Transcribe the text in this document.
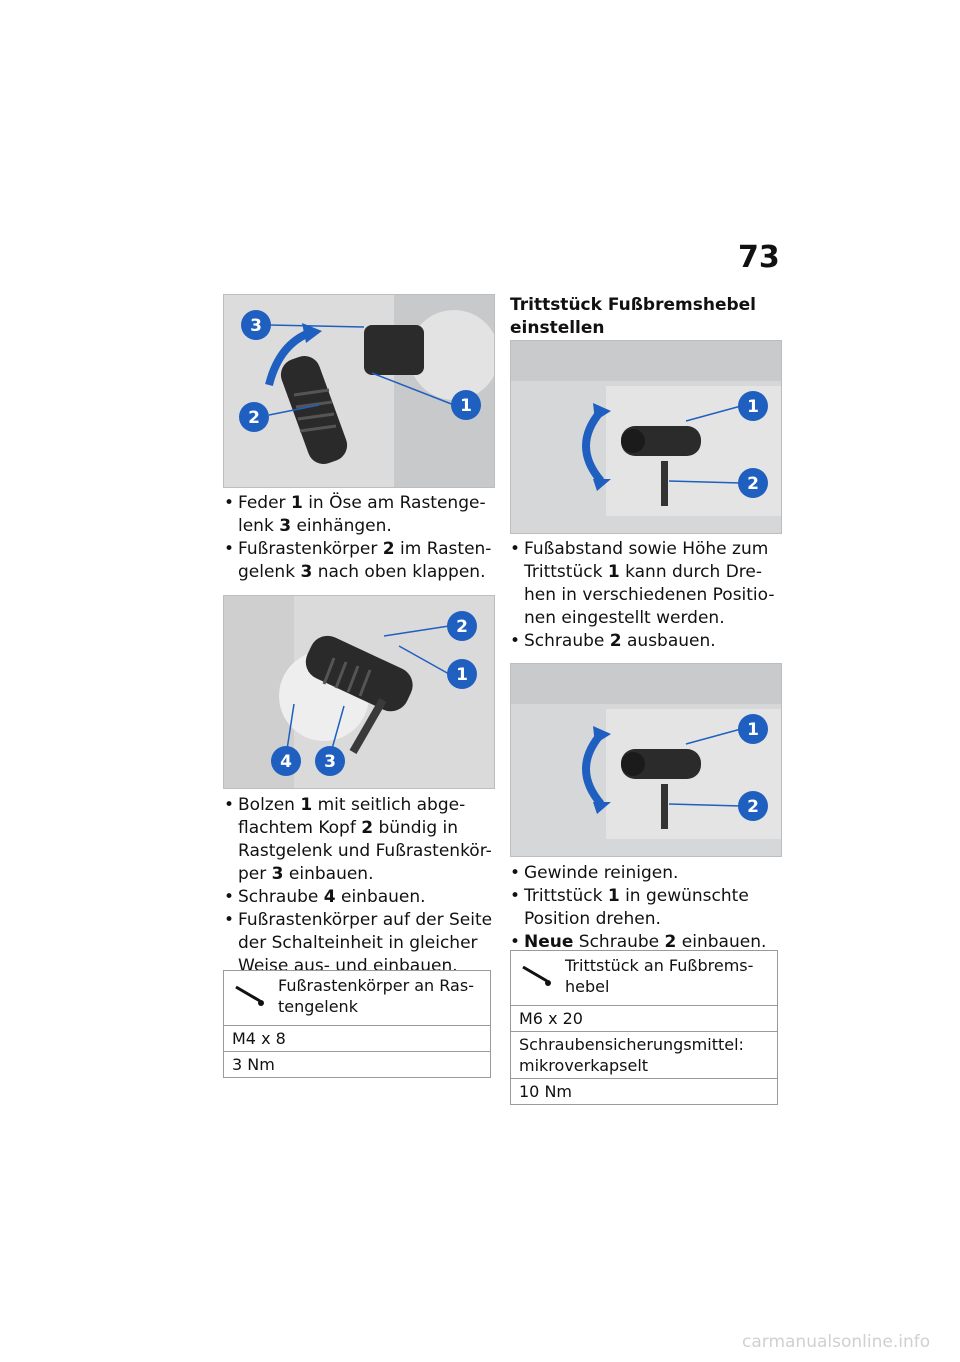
73
3
2
1
• Feder 1 in Öse am Rastenge-lenk 3 einhängen.
• Fußrastenkörper 2 im Rasten-gelenk 3 nach oben klappen.
2
1
4 3
• Bolzen 1 mit seitlich abge-flachtem Kopf 2 bündig in Rastgelenk und Fußrastenkör-per 3 einbauen.
• Schraube 4 einbauen.
• Fußrastenkörper auf der Seite der Schalteinheit in gleicher Weise aus- und einbauen.
Fußrastenkörper an Ras-tengelenk
M4 x 8
3 Nm
Trittstück Fußbremshebel einstellen
1
2
• Fußabstand sowie Höhe zum Trittstück 1 kann durch Dre-hen in verschiedenen Positio-nen eingestellt werden.
• Schraube 2 ausbauen.
1
2
• Gewinde reinigen.
• Trittstück 1 in gewünschte Position drehen.
• Neue Schraube 2 einbauen.
Trittstück an Fußbrems-hebel
M6 x 20
Schraubensicherungsmittel: mikroverkapselt
10 Nm
carmanualsonline.info
